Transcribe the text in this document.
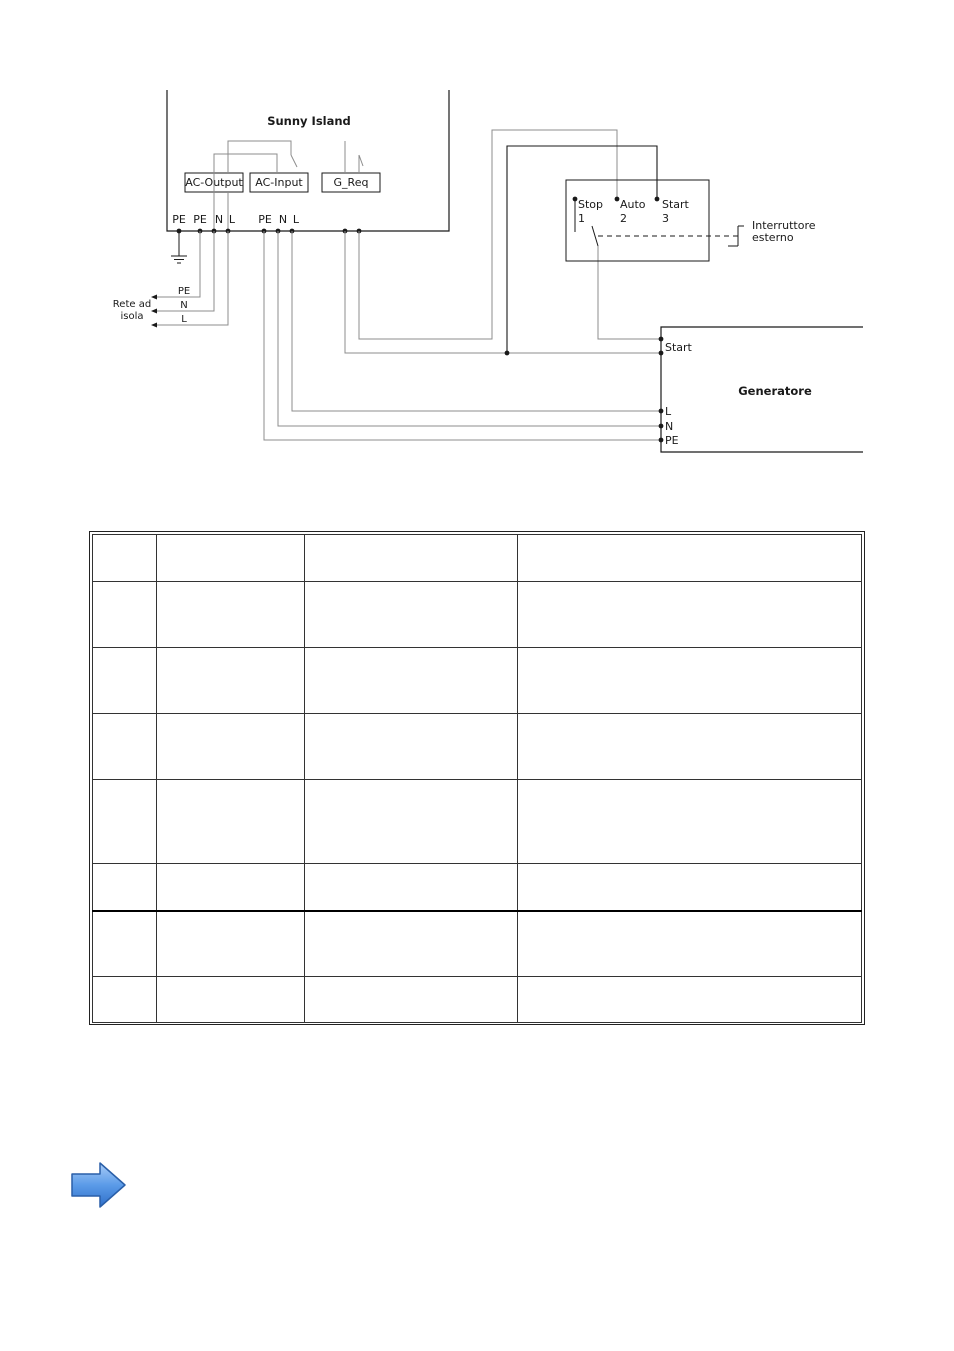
Sunny Island
AC-Output AC-Input	G_Req
PE PE N L PE N L
PE
N
L
Rete ad
isola
Stop
1
Auto
2
Start
3
Interruttore
esterno
Generatore
Start
L
N
PE
